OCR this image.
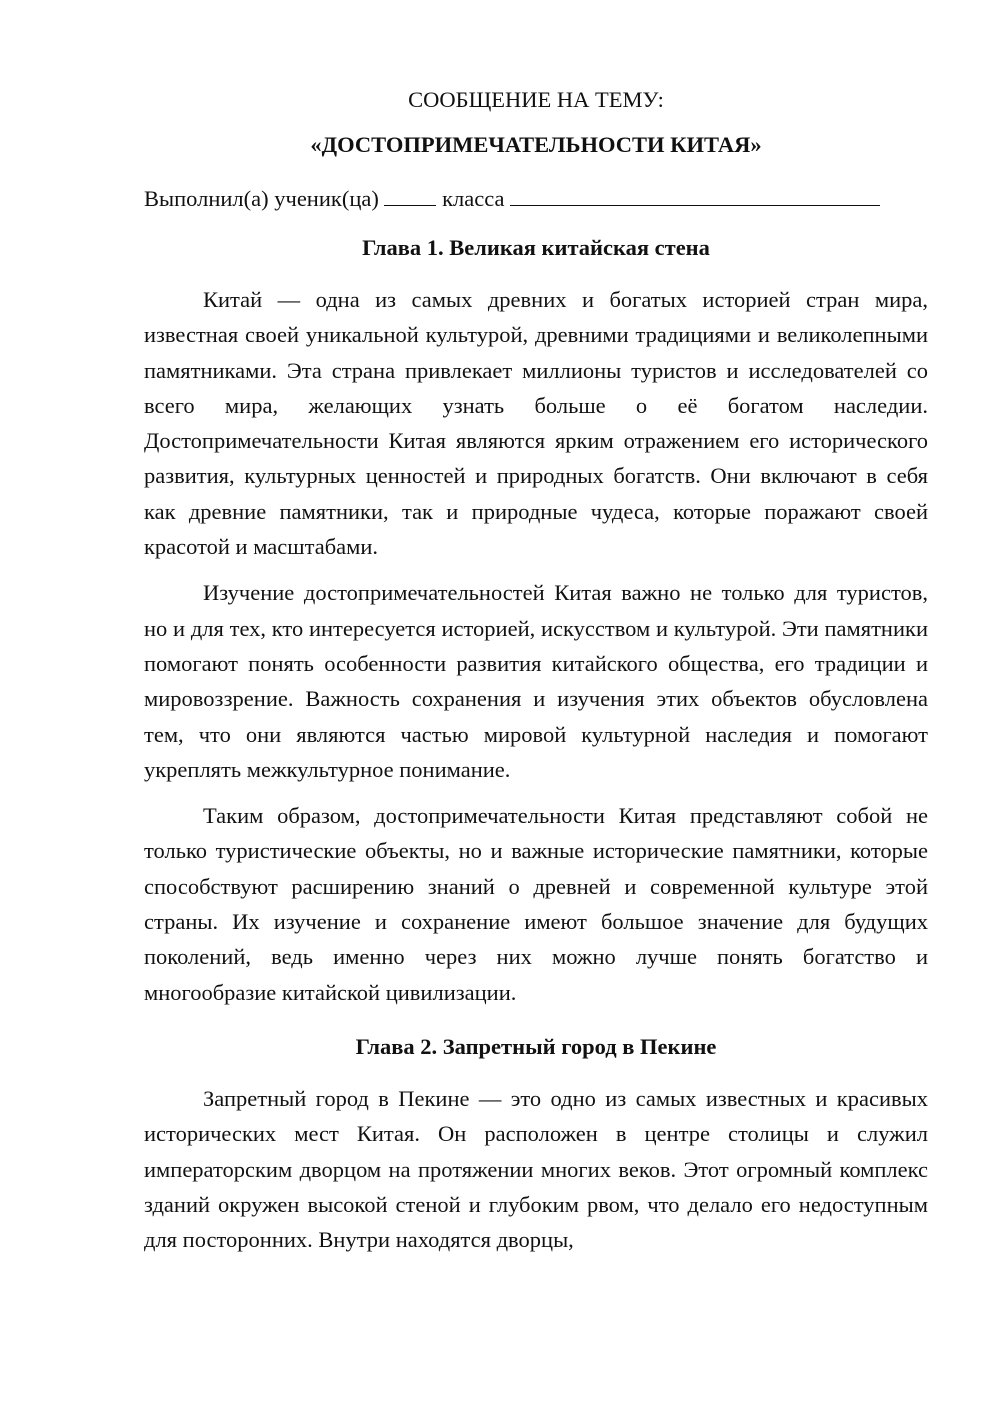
СООБЩЕНИЕ НА ТЕМУ:
«ДОСТОПРИМЕЧАТЕЛЬНОСТИ КИТАЯ»
Выполнил(а) ученик(ца)	класса
Глава 1. Великая китайская стена

Китай — одна из самых древних и богатых историей стран мира, известная своей уникальной культурой, древними традициями и великолепными памятниками. Эта страна привлекает миллионы туристов и исследователей со всего мира, желающих узнать больше о её богатом наследии. Достопримечательности Китая являются ярким отражением его исторического развития, культурных ценностей и природных богатств. Они включают в себя как древние памятники, так и природные чудеса, которые поражают своей красотой и масштабами.

Изучение достопримечательностей Китая важно не только для туристов, но и для тех, кто интересуется историей, искусством и культурой. Эти памятники помогают понять особенности развития китайского общества, его традиции и мировоззрение. Важность сохранения и изучения этих объектов обусловлена тем, что они являются частью мировой культурной наследия и помогают укреплять межкультурное понимание.

Таким образом, достопримечательности Китая представляют собой не только туристические объекты, но и важные исторические памятники, которые способствуют расширению знаний о древней и современной культуре этой страны. Их изучение и сохранение имеют большое значение для будущих поколений, ведь именно через них можно лучше понять богатство и многообразие китайской цивилизации.

Глава 2. Запретный город в Пекине

Запретный город в Пекине — это одно из самых известных и красивых исторических мест Китая. Он расположен в центре столицы и служил императорским дворцом на протяжении многих веков. Этот огромный комплекс зданий окружен высокой стеной и глубоким рвом, что делало его недоступным для посторонних. Внутри находятся дворцы,
